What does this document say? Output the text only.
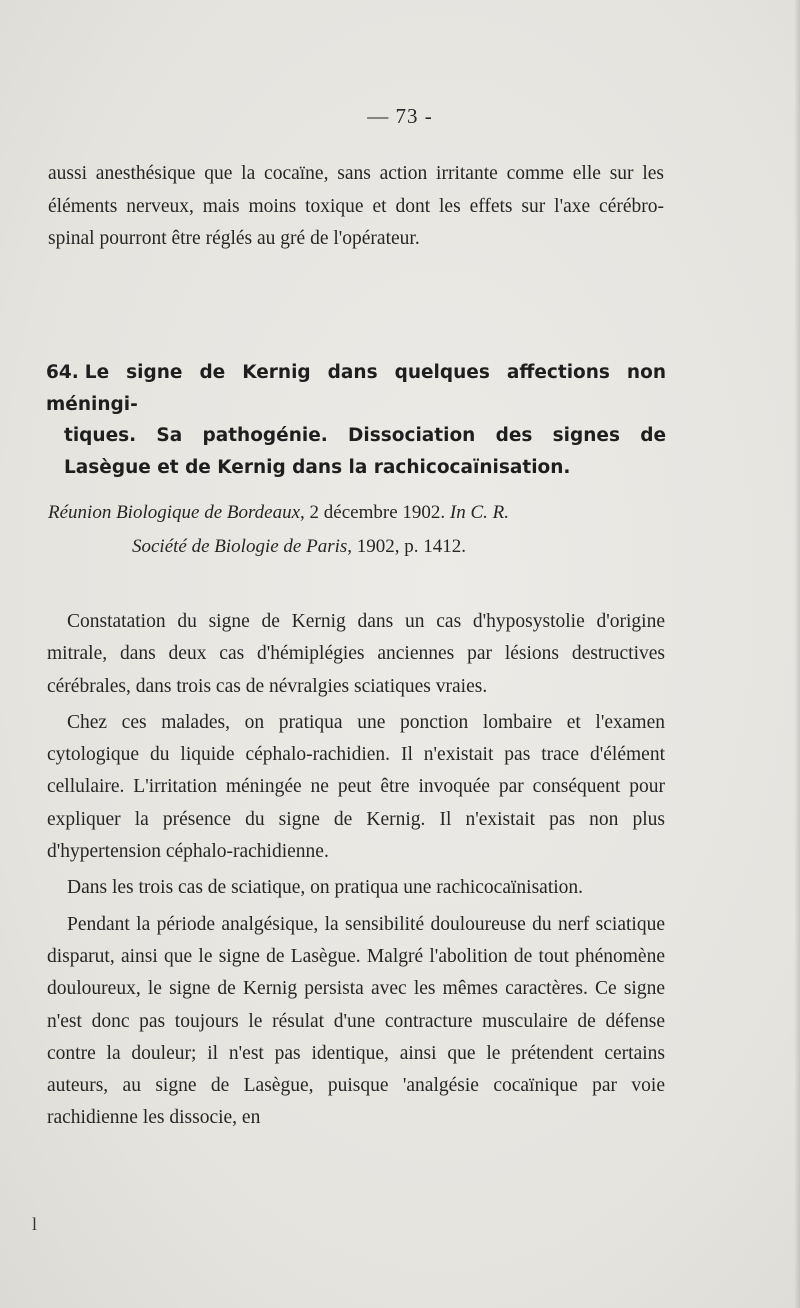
— 73 -
aussi anesthésique que la cocaïne, sans action irritante comme elle sur les éléments nerveux, mais moins toxique et dont les effets sur l'axe cérébro-spinal pourront être réglés au gré de l'opérateur.
64. Le signe de Kernig dans quelques affections non méningi-
tiques. Sa pathogénie. Dissociation des signes de Lasègue et de Kernig dans la rachicocaïnisation.
Réunion Biologique de Bordeaux, 2 décembre 1902. In C. R.
Société de Biologie de Paris, 1902, p. 1412.

Constatation du signe de Kernig dans un cas d'hyposystolie d'origine mitrale, dans deux cas d'hémiplégies anciennes par lésions destructives cérébrales, dans trois cas de névralgies sciatiques vraies.

Chez ces malades, on pratiqua une ponction lombaire et l'examen cytologique du liquide céphalo-rachidien. Il n'existait pas trace d'élément cellulaire. L'irritation méningée ne peut être invoquée par conséquent pour expliquer la présence du signe de Kernig. Il n'existait pas non plus d'hypertension céphalo-rachidienne.

Dans les trois cas de sciatique, on pratiqua une rachicocaïnisation.

Pendant la période analgésique, la sensibilité douloureuse du nerf sciatique disparut, ainsi que le signe de Lasègue. Malgré l'abolition de tout phénomène douloureux, le signe de Kernig persista avec les mêmes caractères. Ce signe n'est donc pas toujours le résulat d'une contracture musculaire de défense contre la douleur; il n'est pas identique, ainsi que le prétendent certains auteurs, au signe de Lasègue, puisque 'analgésie cocaïnique par voie rachidienne les dissocie, en

l
